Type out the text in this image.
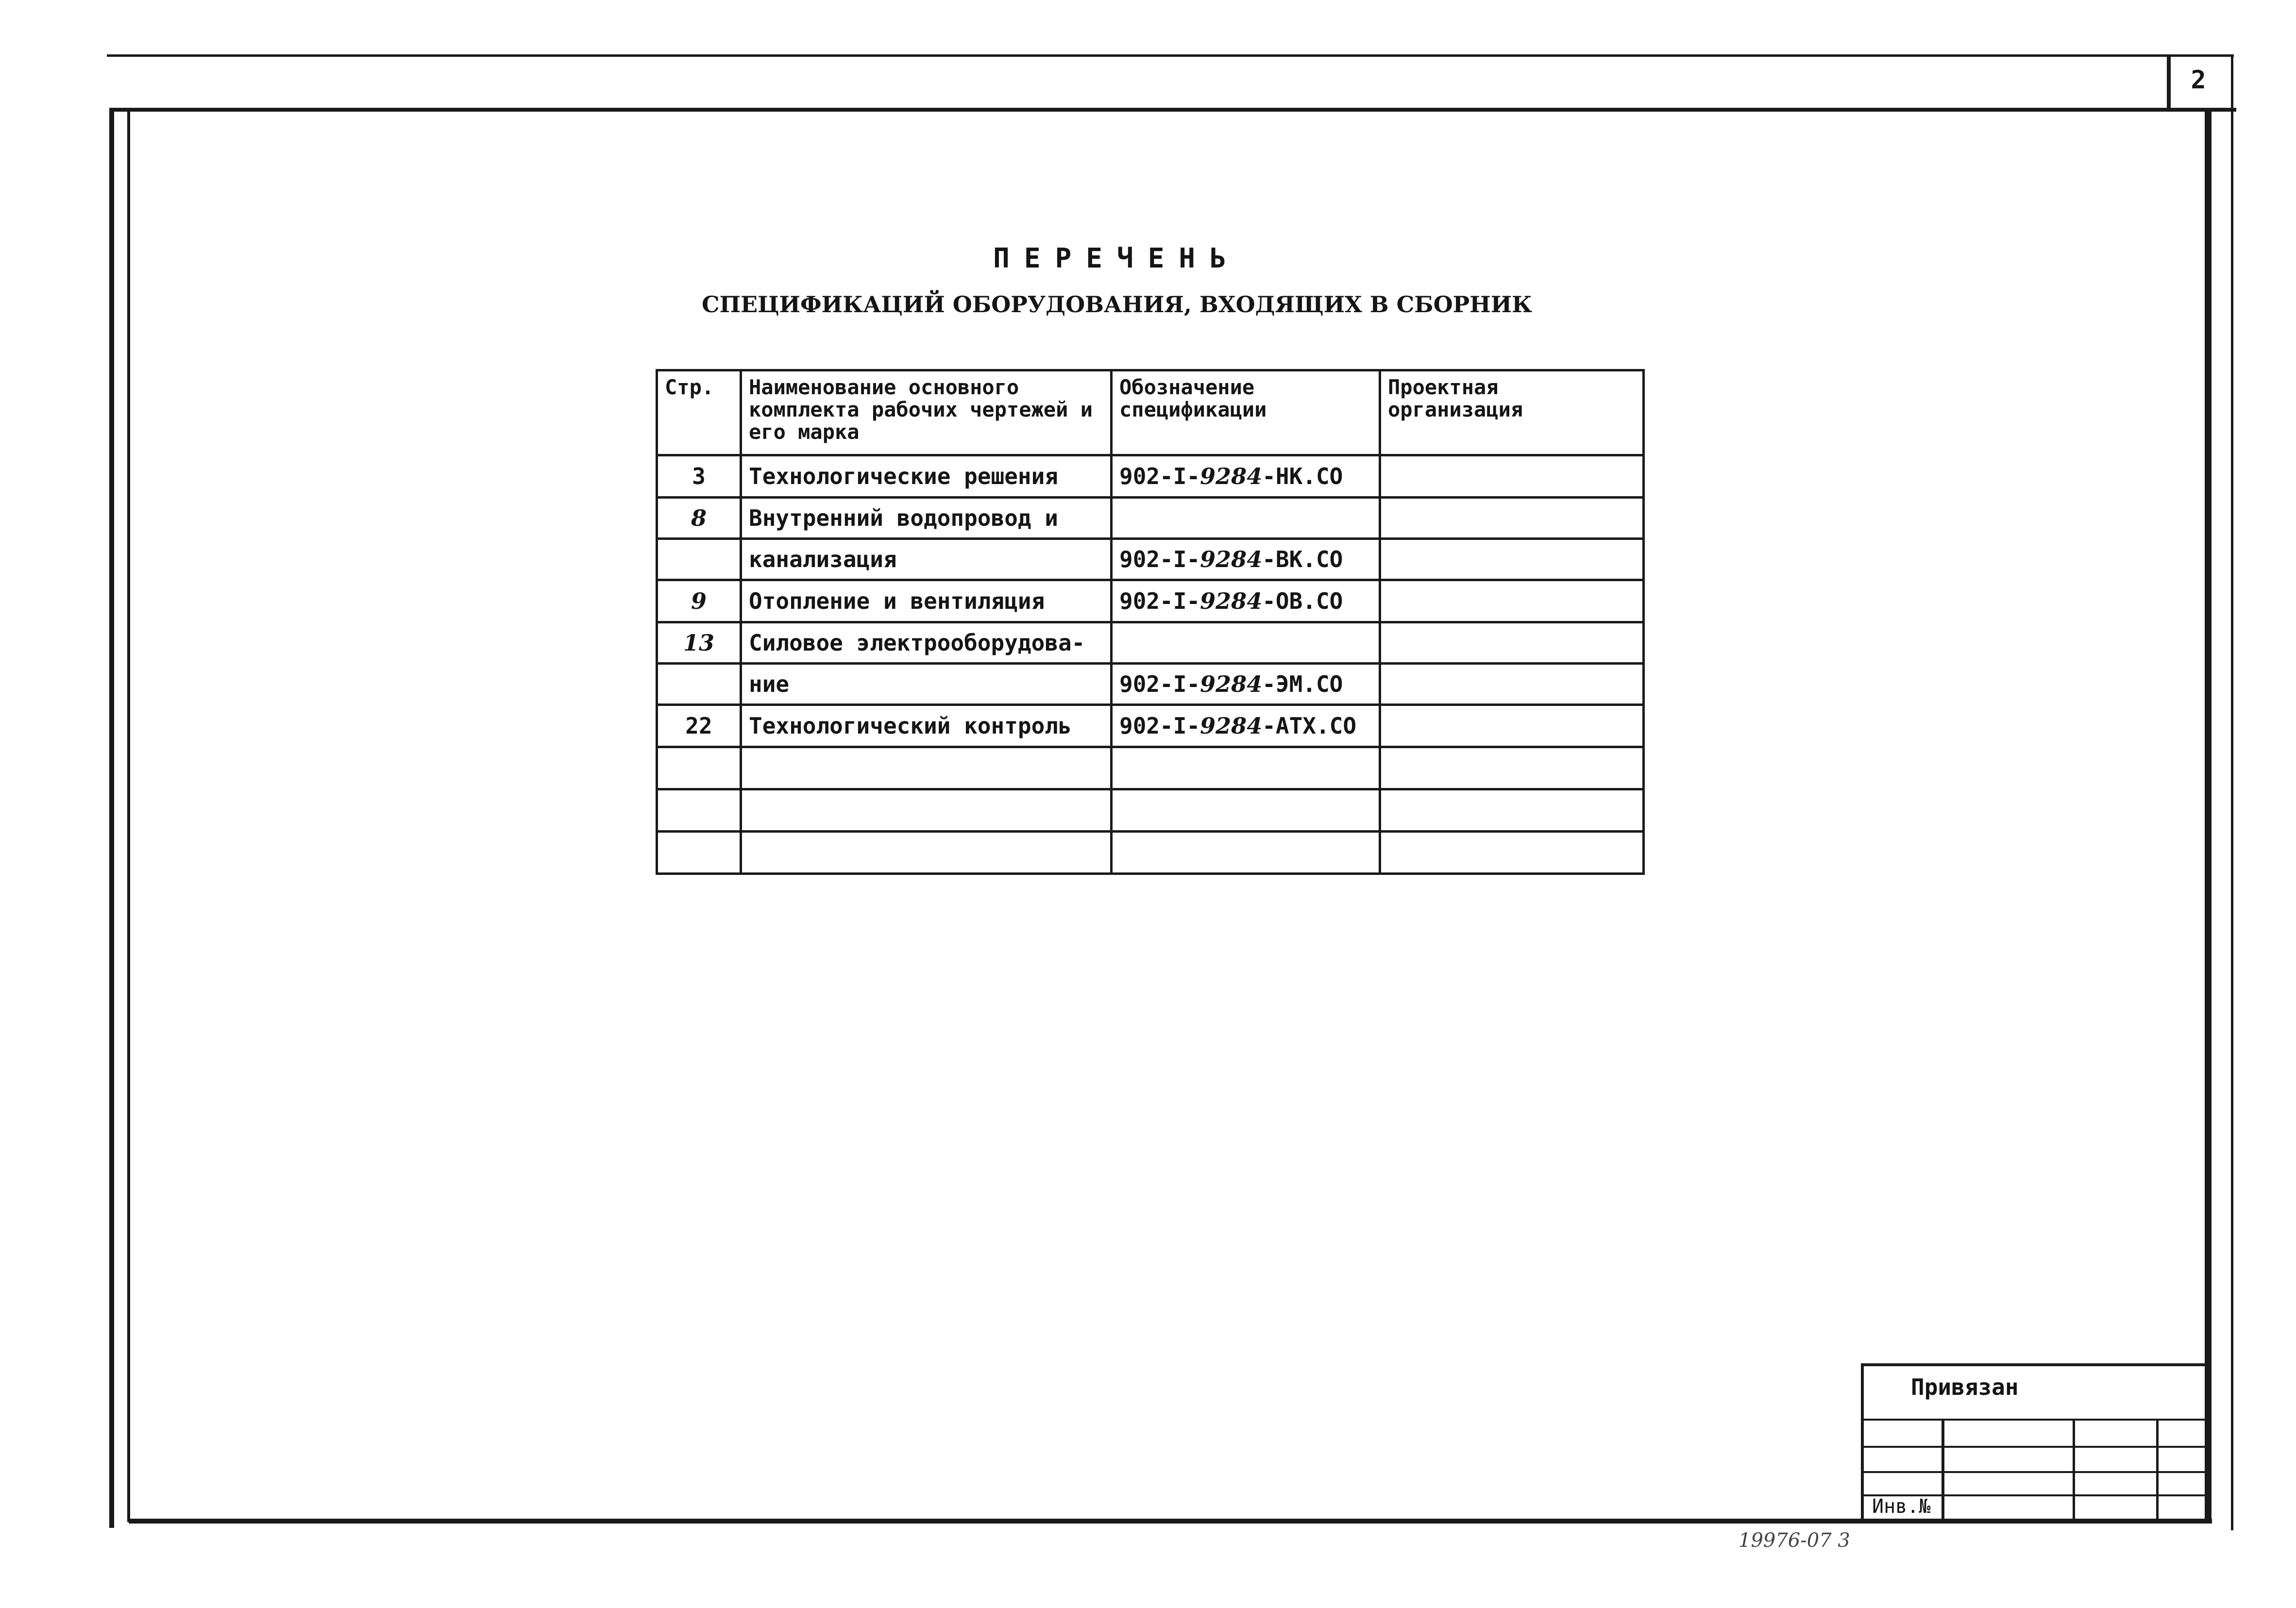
2
ПЕРЕЧЕНЬ
СПЕЦИФИКАЦИЙ ОБОРУДОВАНИЯ, ВХОДЯЩИХ В СБОРНИК
Стр.	Наименование основного комплекта рабочих чертежей и его марка	Обозначение спецификации	Проектная организация
3	Технологические решения	902-I-9284-НК.СО	
8	Внутренний водопровод и		
	канализация	902-I-9284-ВК.СО	
9	Отопление и вентиляция	902-I-9284-ОВ.СО	
13	Силовое электрооборудова-		
	ние	902-I-9284-ЭМ.СО	
22	Технологический контроль	902-I-9284-АТХ.СО	

Привязан
Инв.№
19976-07 3
